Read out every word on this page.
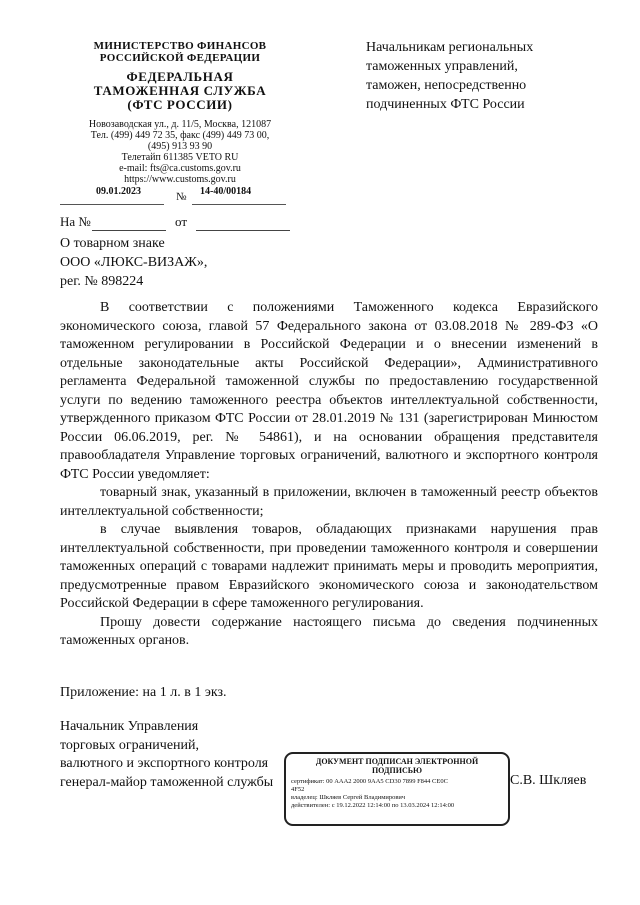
МИНИСТЕРСТВО ФИНАНСОВ
РОССИЙСКОЙ ФЕДЕРАЦИИ
ФЕДЕРАЛЬНАЯ
ТАМОЖЕННАЯ СЛУЖБА
(ФТС РОССИИ)
Новозаводская ул., д. 11/5, Москва, 121087
Тел. (499) 449 72 35, факс (499) 449 73 00,
(495) 913 93 90
Телетайп 611385 VETO RU
e-mail: fts@ca.customs.gov.ru
https://www.customs.gov.ru
09.01.2023	№ 14-40/00184
На №	от
Начальникам региональных
таможенных управлений,
таможен, непосредственно
подчиненных ФТС России
О товарном знаке
ООО «ЛЮКС-ВИЗАЖ»,
рег. № 898224

В соответствии с положениями Таможенного кодекса Евразийского экономического союза, главой 57 Федерального закона от 03.08.2018 № 289-ФЗ «О таможенном регулировании в Российской Федерации и о внесении изменений в отдельные законодательные акты Российской Федерации», Административного регламента Федеральной таможенной службы по предоставлению государственной услуги по ведению таможенного реестра объектов интеллектуальной собственности, утвержденного приказом ФТС России от 28.01.2019 № 131 (зарегистрирован Минюстом России 06.06.2019, рег. № 54861), и на основании обращения представителя правообладателя Управление торговых ограничений, валютного и экспортного контроля ФТС России уведомляет:

товарный знак, указанный в приложении, включен в таможенный реестр объектов интеллектуальной собственности;

в случае выявления товаров, обладающих признаками нарушения прав интеллектуальной собственности, при проведении таможенного контроля и совершении таможенных операций с товарами надлежит принимать меры и проводить мероприятия, предусмотренные правом Евразийского экономического союза и законодательством Российской Федерации в сфере таможенного регулирования.

Прошу довести содержание настоящего письма до сведения подчиненных таможенных органов.

Приложение: на 1 л. в 1 экз.
Начальник Управления
торговых ограничений,
валютного и экспортного контроля
генерал-майор таможенной службы	С.В. Шкляев
ДОКУМЕНТ ПОДПИСАН ЭЛЕКТРОННОЙ
ПОДПИСЬЮ
сертификат: 00 AAA2 2000 9AA5 CD30 7899 F844 CE0C
4F52
владелец: Шкляев Сергей Владимирович
действителен: с 19.12.2022 12:14:00 по 13.03.2024 12:14:00
